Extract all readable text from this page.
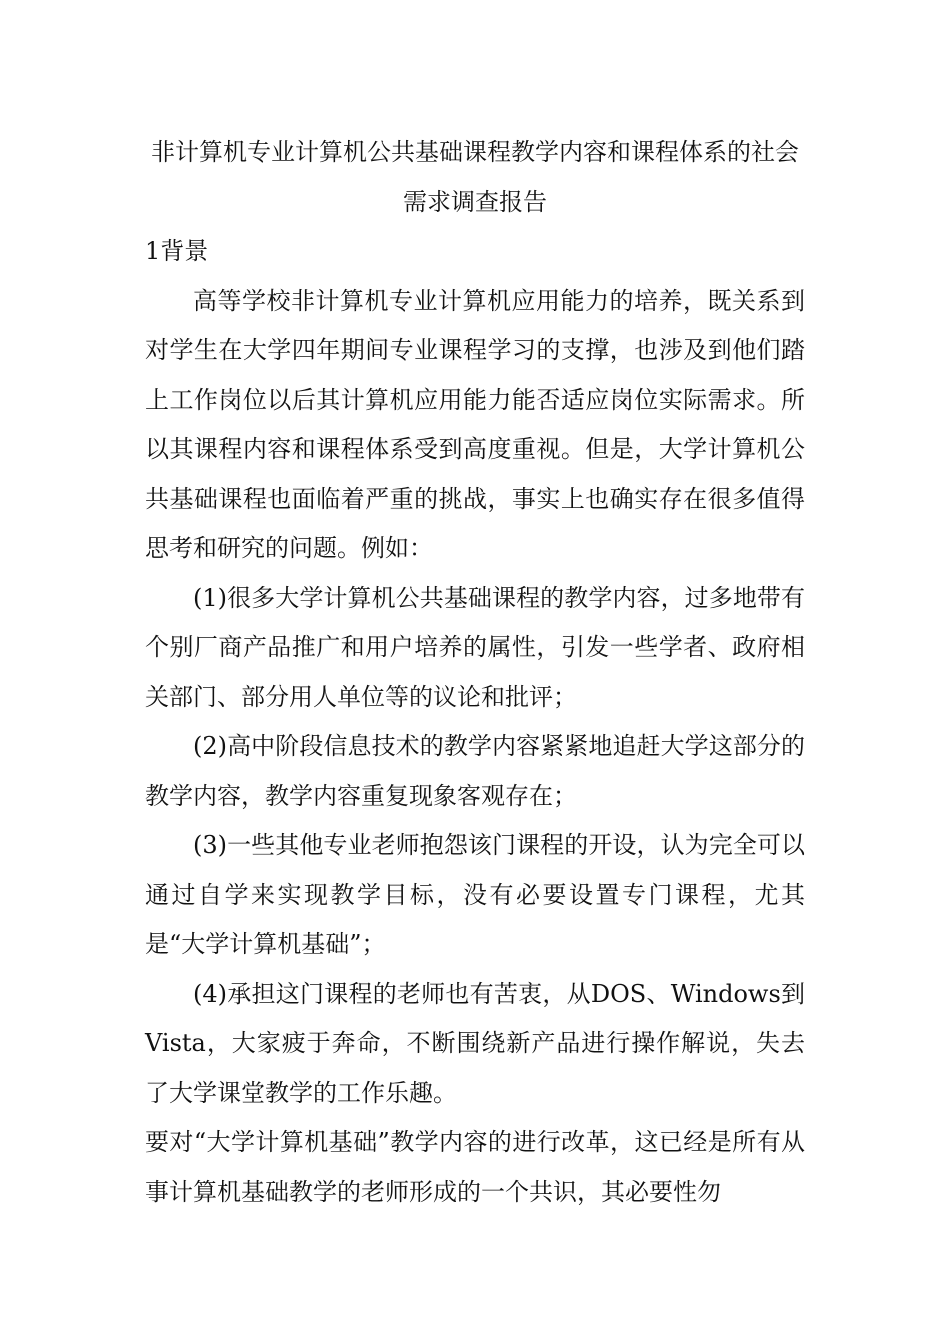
非计算机专业计算机公共基础课程教学内容和课程体系的社会需求调查报告
1背景

高等学校非计算机专业计算机应用能力的培养，既关系到对学生在大学四年期间专业课程学习的支撑，也涉及到他们踏上工作岗位以后其计算机应用能力能否适应岗位实际需求。所以其课程内容和课程体系受到高度重视。但是，大学计算机公共基础课程也面临着严重的挑战，事实上也确实存在很多值得思考和研究的问题。例如：

(1)很多大学计算机公共基础课程的教学内容，过多地带有个别厂商产品推广和用户培养的属性，引发一些学者、政府相关部门、部分用人单位等的议论和批评；

(2)高中阶段信息技术的教学内容紧紧地追赶大学这部分的教学内容，教学内容重复现象客观存在；

(3)一些其他专业老师抱怨该门课程的开设，认为完全可以通过自学来实现教学目标，没有必要设置专门课程，尤其是“大学计算机基础”；

(4)承担这门课程的老师也有苦衷，从DOS、Windows到Vista，大家疲于奔命，不断围绕新产品进行操作解说，失去了大学课堂教学的工作乐趣。

要对“大学计算机基础”教学内容的进行改革，这已经是所有从事计算机基础教学的老师形成的一个共识，其必要性勿
